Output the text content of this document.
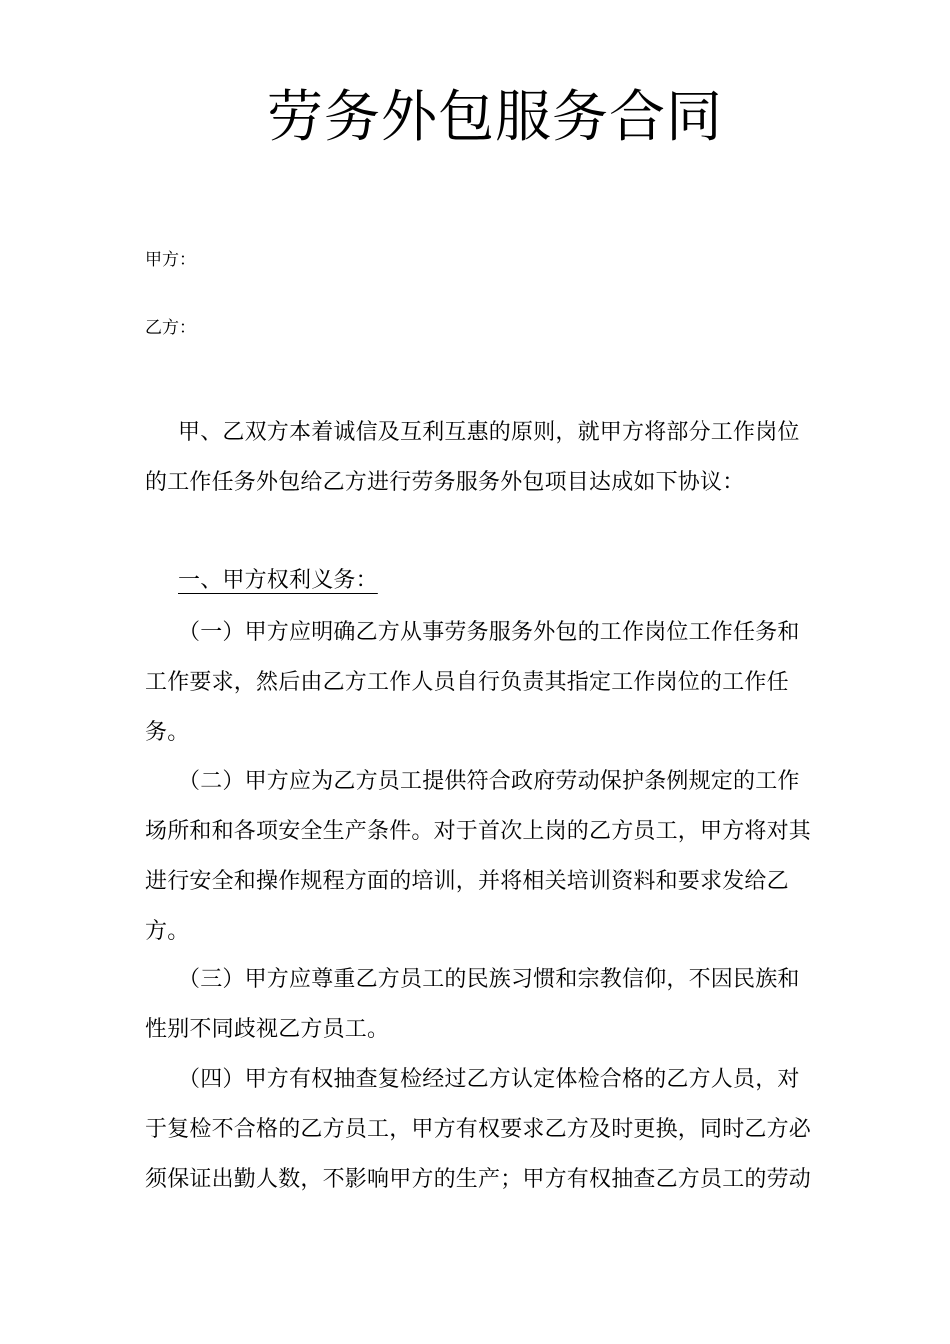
劳务外包服务合同
甲方：
乙方：
甲、乙双方本着诚信及互利互惠的原则，就甲方将部分工作岗位
的工作任务外包给乙方进行劳务服务外包项目达成如下协议：
一、甲方权利义务：
（一）甲方应明确乙方从事劳务服务外包的工作岗位工作任务和
工作要求，然后由乙方工作人员自行负责其指定工作岗位的工作任
务。
（二）甲方应为乙方员工提供符合政府劳动保护条例规定的工作
场所和和各项安全生产条件。对于首次上岗的乙方员工，甲方将对其
进行安全和操作规程方面的培训，并将相关培训资料和要求发给乙
方。
（三）甲方应尊重乙方员工的民族习惯和宗教信仰，不因民族和
性别不同歧视乙方员工。
（四）甲方有权抽查复检经过乙方认定体检合格的乙方人员，对
于复检不合格的乙方员工，甲方有权要求乙方及时更换，同时乙方必
须保证出勤人数，不影响甲方的生产；甲方有权抽查乙方员工的劳动
